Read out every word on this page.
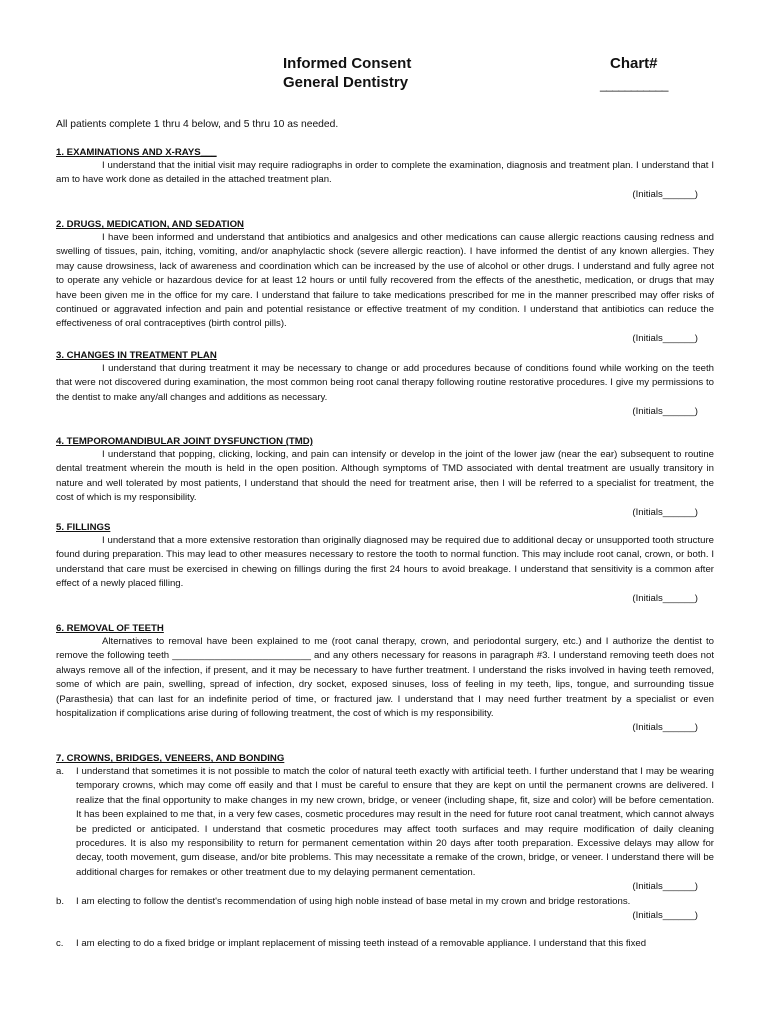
Informed Consent
General Dentistry
Chart#
___________
All patients complete 1 thru 4 below, and 5 thru 10 as needed.
1. EXAMINATIONS AND X-RAYS___
I understand that the initial visit may require radiographs in order to complete the examination, diagnosis and treatment plan. I understand that I am to have work done as detailed in the attached treatment plan.
(Initials______)
2. DRUGS, MEDICATION, AND SEDATION
I have been informed and understand that antibiotics and analgesics and other medications can cause allergic reactions causing redness and swelling of tissues, pain, itching, vomiting, and/or anaphylactic shock (severe allergic reaction). I have informed the dentist of any known allergies. They may cause drowsiness, lack of awareness and coordination which can be increased by the use of alcohol or other drugs. I understand and fully agree not to operate any vehicle or hazardous device for at least 12 hours or until fully recovered from the effects of the anesthetic, medication, or drugs that may have been given me in the office for my care. I understand that failure to take medications prescribed for me in the manner prescribed may offer risks of continued or aggravated infection and pain and potential resistance or effective treatment of my condition. I understand that antibiotics can reduce the effectiveness of oral contraceptives (birth control pills).
(Initials______)
3. CHANGES IN TREATMENT PLAN
I understand that during treatment it may be necessary to change or add procedures because of conditions found while working on the teeth that were not discovered during examination, the most common being root canal therapy following routine restorative procedures. I give my permissions to the dentist to make any/all changes and additions as necessary.
(Initials______)
4. TEMPOROMANDIBULAR JOINT DYSFUNCTION (TMD)
I understand that popping, clicking, locking, and pain can intensify or develop in the joint of the lower jaw (near the ear) subsequent to routine dental treatment wherein the mouth is held in the open position. Although symptoms of TMD associated with dental treatment are usually transitory in nature and well tolerated by most patients, I understand that should the need for treatment arise, then I will be referred to a specialist for treatment, the cost of which is my responsibility.
(Initials______)
5. FILLINGS
I understand that a more extensive restoration than originally diagnosed may be required due to additional decay or unsupported tooth structure found during preparation. This may lead to other measures necessary to restore the tooth to normal function. This may include root canal, crown, or both. I understand that care must be exercised in chewing on fillings during the first 24 hours to avoid breakage. I understand that sensitivity is a common after effect of a newly placed filling.
(Initials______)
6. REMOVAL OF TEETH
Alternatives to removal have been explained to me (root canal therapy, crown, and periodontal surgery, etc.) and I authorize the dentist to remove the following teeth __________________________ and any others necessary for reasons in paragraph #3. I understand removing teeth does not always remove all of the infection, if present, and it may be necessary to have further treatment. I understand the risks involved in having teeth removed, some of which are pain, swelling, spread of infection, dry socket, exposed sinuses, loss of feeling in my teeth, lips, tongue, and surrounding tissue (Parasthesia) that can last for an indefinite period of time, or fractured jaw. I understand that I may need further treatment by a specialist or even hospitalization if complications arise during of following treatment, the cost of which is my responsibility.
(Initials______)
7. CROWNS, BRIDGES, VENEERS, AND BONDING
a.	I understand that sometimes it is not possible to match the color of natural teeth exactly with artificial teeth. I further understand that I may be wearing temporary crowns, which may come off easily and that I must be careful to ensure that they are kept on until the permanent crowns are delivered. I realize that the final opportunity to make changes in my new crown, bridge, or veneer (including shape, fit, size and color) will be before cementation. It has been explained to me that, in a very few cases, cosmetic procedures may result in the need for future root canal treatment, which cannot always be predicted or anticipated. I understand that cosmetic procedures may affect tooth surfaces and may require modification of daily cleaning procedures. It is also my responsibility to return for permanent cementation within 20 days after tooth preparation. Excessive delays may allow for decay, tooth movement, gum disease, and/or bite problems. This may necessitate a remake of the crown, bridge, or veneer. I understand there will be additional charges for remakes or other treatment due to my delaying permanent cementation.
(Initials______)
b.	I am electing to follow the dentist's recommendation of using high noble instead of base metal in my crown and bridge restorations.
(Initials______)
c.	I am electing to do a fixed bridge or implant replacement of missing teeth instead of a removable appliance. I understand that this fixed
